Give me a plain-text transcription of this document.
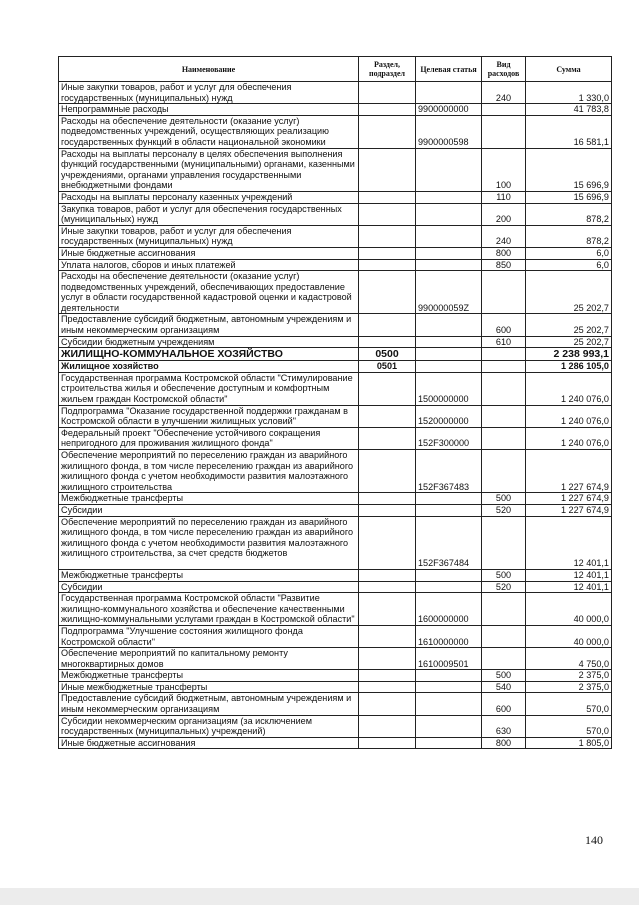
Наименование	Раздел, подраздел	Целевая статья	Вид расходов	Сумма
Иные закупки товаров, работ и услуг для обеспечения государственных (муниципальных) нужд			240	1 330,0
Непрограммные расходы		9900000000		41 783,8
Расходы на обеспечение деятельности (оказание услуг) подведомственных учреждений, осуществляющих реализацию государственных функций в области национальной экономики		9900000598		16 581,1
Расходы на выплаты персоналу в целях обеспечения выполнения функций государственными (муниципальными) органами, казенными учреждениями, органами управления государственными внебюджетными фондами			100	15 696,9
Расходы на выплаты персоналу казенных учреждений			110	15 696,9
Закупка товаров, работ и услуг для обеспечения государственных (муниципальных) нужд			200	878,2
Иные закупки товаров, работ и услуг для обеспечения государственных (муниципальных) нужд			240	878,2
Иные бюджетные ассигнования			800	6,0
Уплата налогов, сборов и иных платежей			850	6,0
Расходы на обеспечение деятельности (оказание услуг) подведомственных учреждений, обеспечивающих предоставление услуг в области государственной кадастровой оценки и кадастровой деятельности		990000059Z		25 202,7
Предоставление субсидий бюджетным, автономным учреждениям и иным некоммерческим организациям			600	25 202,7
Субсидии бюджетным учреждениям			610	25 202,7
ЖИЛИЩНО-КОММУНАЛЬНОЕ ХОЗЯЙСТВО	0500			2 238 993,1
Жилищное хозяйство	0501			1 286 105,0
Государственная программа Костромской области "Стимулирование строительства жилья и обеспечение доступным и комфортным жильем граждан Костромской области"		1500000000		1 240 076,0
Подпрограмма "Оказание государственной поддержки гражданам в Костромской области в улучшении жилищных условий"		1520000000		1 240 076,0
Федеральный проект "Обеспечение устойчивого сокращения непригодного для проживания жилищного фонда"		152F300000		1 240 076,0
Обеспечение мероприятий по переселению граждан из аварийного жилищного фонда, в том числе переселению граждан из аварийного жилищного фонда с учетом необходимости развития малоэтажного жилищного строительства		152F367483		1 227 674,9
Межбюджетные трансферты			500	1 227 674,9
Субсидии			520	1 227 674,9
Обеспечение мероприятий по переселению граждан из аварийного жилищного фонда, в том числе переселению граждан из аварийного жилищного фонда с учетом необходимости развития малоэтажного жилищного строительства, за счет средств бюджетов		152F367484		12 401,1
Межбюджетные трансферты			500	12 401,1
Субсидии			520	12 401,1
Государственная программа Костромской области "Развитие жилищно-коммунального хозяйства и обеспечение качественными жилищно-коммунальными услугами граждан в Костромской области"		1600000000		40 000,0
Подпрограмма "Улучшение состояния жилищного фонда Костромской области"		1610000000		40 000,0
Обеспечение мероприятий по капитальному ремонту многоквартирных домов		1610009501		4 750,0
Межбюджетные трансферты			500	2 375,0
Иные межбюджетные трансферты			540	2 375,0
Предоставление субсидий бюджетным, автономным учреждениям и иным некоммерческим организациям			600	570,0
Субсидии некоммерческим организациям (за исключением государственных (муниципальных) учреждений)			630	570,0
Иные бюджетные ассигнования			800	1 805,0
140
